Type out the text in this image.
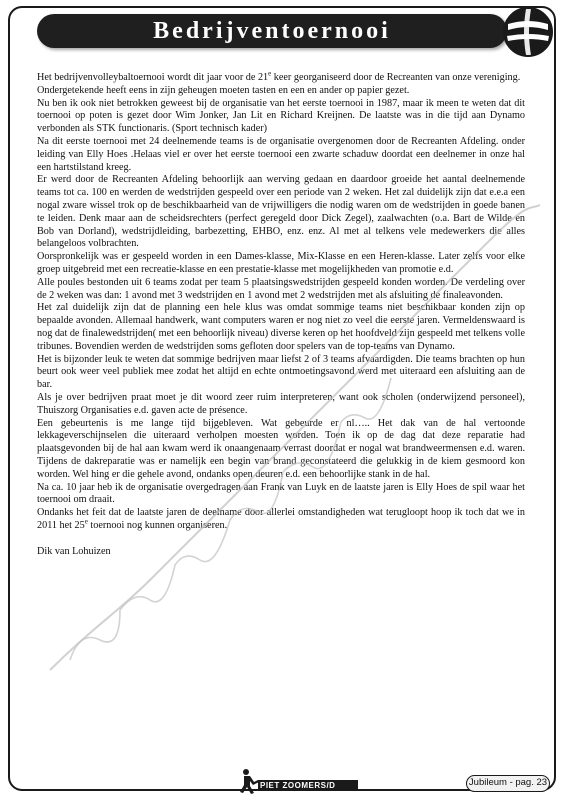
Bedrijventoernooi

Het bedrijvenvolleybaltoernooi wordt dit jaar voor de 21e keer georganiseerd door de Recreanten van onze vereniging.

Ondergetekende heeft eens in zijn geheugen moeten tasten en een en ander op papier gezet.

Nu ben ik ook niet betrokken geweest bij de organisatie van het eerste toernooi in 1987, maar ik meen te weten dat dit toernooi op poten is gezet door Wim Jonker, Jan Lit en Richard Kreijnen. De laatste was in die tijd aan Dynamo verbonden als STK functionaris. (Sport technisch kader)

Na dit eerste toernooi met 24 deelnemende teams is de organisatie overgenomen door de Recreanten Afdeling. onder leiding van Elly Hoes .Helaas viel er over het eerste toernooi een zwarte schaduw doordat een deelnemer in onze hal een hartstilstand kreeg.

Er werd door de Recreanten Afdeling behoorlijk aan werving gedaan en daardoor groeide het aantal deelnemende teams tot ca. 100 en werden de wedstrijden gespeeld over een periode van 2 weken. Het zal duidelijk zijn dat e.e.a een nogal zware wissel trok op de beschikbaarheid van de vrijwilligers die nodig waren om de wedstrijden in goede banen te leiden. Denk maar aan de scheidsrechters (perfect geregeld door Dick Zegel), zaalwachten (o.a. Bart de Wilde en Bob van Dorland), wedstrijdleiding, barbezetting, EHBO, enz. enz. Al met al telkens vele medewerkers die alles belangeloos volbrachten.

Oorspronkelijk was er gespeeld worden in een Dames-klasse, Mix-Klasse en een Heren-klasse. Later zelfs voor elke groep uitgebreid met een recreatie-klasse en een prestatie-klasse met mogelijkheden van promotie e.d.

Alle poules bestonden uit 6 teams zodat per team 5 plaatsingswedstrijden gespeeld konden worden. De verdeling over de 2 weken was dan: 1 avond met 3 wedstrijden en 1 avond met 2 wedstrijden met als afsluiting de finaleavonden.

Het zal duidelijk zijn dat de planning een hele klus was omdat sommige teams niet beschikbaar konden zijn op bepaalde avonden. Allemaal handwerk, want computers waren er nog niet zo veel die eerste jaren. Vermeldenswaard is nog dat de finalewedstrijden( met een behoorlijk niveau) diverse keren op het hoofdveld zijn gespeeld met telkens volle tribunes. Bovendien werden de wedstrijden soms gefloten door spelers van de top-teams van Dynamo.

Het is bijzonder leuk te weten dat sommige bedrijven maar liefst 2 of 3 teams afvaardigden. Die teams brachten op hun beurt ook weer veel publiek mee zodat het altijd en echte ontmoetingsavond werd met uiteraard een afsluiting aan de bar.

Als je over bedrijven praat moet je dit woord zeer ruim interpreteren, want ook scholen (onderwijzend personeel), Thuiszorg Organisaties e.d. gaven acte de présence.

Een gebeurtenis is me lange tijd bijgebleven. Wat gebeurde er nl….. Het dak van de hal vertoonde lekkageverschijnselen die uiteraard verholpen moesten worden. Toen ik op de dag dat deze reparatie had plaatsgevonden bij de hal aan kwam werd ik onaangenaam verrast doordat er nogal wat brandweermensen e.d. waren. Tijdens de dakreparatie was er namelijk een begin van brand geconstateerd die gelukkig in de kiem gesmoord kon worden. Wel hing er die gehele avond, ondanks open deuren e.d. een behoorlijke stank in de hal.

Na ca. 10 jaar heb ik de organisatie overgedragen aan Frank van Luyk en de laatste jaren is Elly Hoes de spil waar het toernooi om draait.

Ondanks het feit dat de laatste jaren de deelname door allerlei omstandigheden wat terugloopt hoop ik toch dat we in 2011 het 25e toernooi nog kunnen organiseren.

Dik van Lohuizen

PIET ZOOMERS/D	Jubileum - pag. 23
